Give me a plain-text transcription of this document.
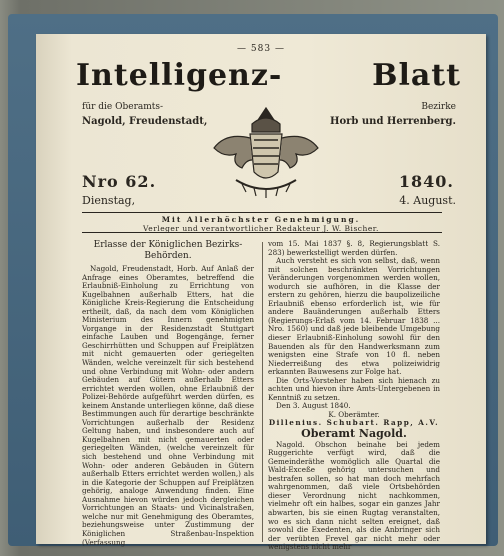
— 583 —
Intelligenz-	Blatt
für die Oberamts-	Bezirke
Nagold, Freudenstadt,	Horb und Herrenberg.
Nro 62.	1840.
Dienstag,	4. August.
Mit Allerhöchster Genehmigung.
Verleger und verantwortlicher Redakteur J. W. Bischer.
Erlasse der Königlichen Bezirks-Behörden.

Nagold, Freudenstadt, Horb. Auf Anlaß der Anfrage eines Oberamtes, betreffend die Erlaubniß-Einholung zu Errichtung von Kugelbahnen außerhalb Etters, hat die Königliche Kreis-Regierung die Entscheidung ertheilt, daß, da nach dem vom Königlichen Ministerium des Innern genehmigten Vorgange in der Residenzstadt Stuttgart einfache Lauben und Bogengänge, ferner Geschirrhütten und Schuppen auf Freiplätzen mit nicht gemauerten oder geriegelten Wänden, welche vereinzelt für sich bestehend und ohne Verbindung mit Wohn- oder andern Gebäuden auf Gütern außerhalb Etters errichtet werden wollen, ohne Erlaubniß der Polizei-Behörde aufgeführt werden dürfen, es keinem Anstande unterliegen könne, daß diese Bestimmungen auch für derartige beschränkte Vorrichtungen außerhalb der Residenz Geltung haben, und insbesondere auch auf Kugelbahnen mit nicht gemauerten oder geriegelten Wänden, (welche vereinzelt für sich bestehend und ohne Verbindung mit Wohn- oder anderen Gebäuden in Gütern außerhalb Etters errichtet werden wollen,) als in die Kategorie der Schuppen auf Freiplätzen gehörig, analoge Anwendung finden. Eine Ausnahme hievon würden jedoch dergleichen Vorrichtungen an Staats- und Vicinalstraßen, welche nur mit Genehmigung des Oberamtes, beziehungsweise unter Zustimmung der Königlichen Straßenbau-Inspektion (Verfassung

vom 15. Mai 1837 §. 8, Regierungsblatt S. 283) bewerkstelligt werden dürfen.

Auch versteht es sich von selbst, daß, wenn mit solchen beschränkten Vorrichtungen Veränderungen vorgenommen werden wollen, wodurch sie aufhören, in die Klasse der erstern zu gehören, hierzu die baupolizeiliche Erlaubniß ebenso erforderlich ist, wie für andere Bauänderungen außerhalb Etters (Regierungs-Erlaß vom 14. Februar 1838 ... Nro. 1560) und daß jede bleibende Umgebung dieser Erlaubniß-Einholung sowohl für den Bauenden als für den Handwerksmann zum wenigsten eine Strafe von 10 fl. neben Niederreißung des etwa polizeiwidrig erkannten Bauwesens zur Folge hat.

Die Orts-Vorsteher haben sich hienach zu achten und hievon ihre Amts-Untergebenen in Kenntniß zu setzen.

Den 3. August 1840.

K. Oberämter.
Dillenius. Schubart. Rapp, A.V.
Oberamt Nagold.

Nagold. Obschon beinahe bei jedem Ruggerichte verfügt wird, daß die Gemeinderäthe womöglich alle Quartal die Wald-Exceße gehörig untersuchen und bestrafen sollen, so hat man doch mehrfach wahrgenommen, daß viele Ortsbehörden dieser Verordnung nicht nachkommen, vielmehr oft ein halbes, sogar ein ganzes Jahr abwarten, bis sie einen Rugtag veranstalten, wo es sich dann nicht selten ereignet, daß sowohl die Exedenten, als die Anbringer sich der verübten Frevel gar nicht mehr oder wenigstens nicht mehr
